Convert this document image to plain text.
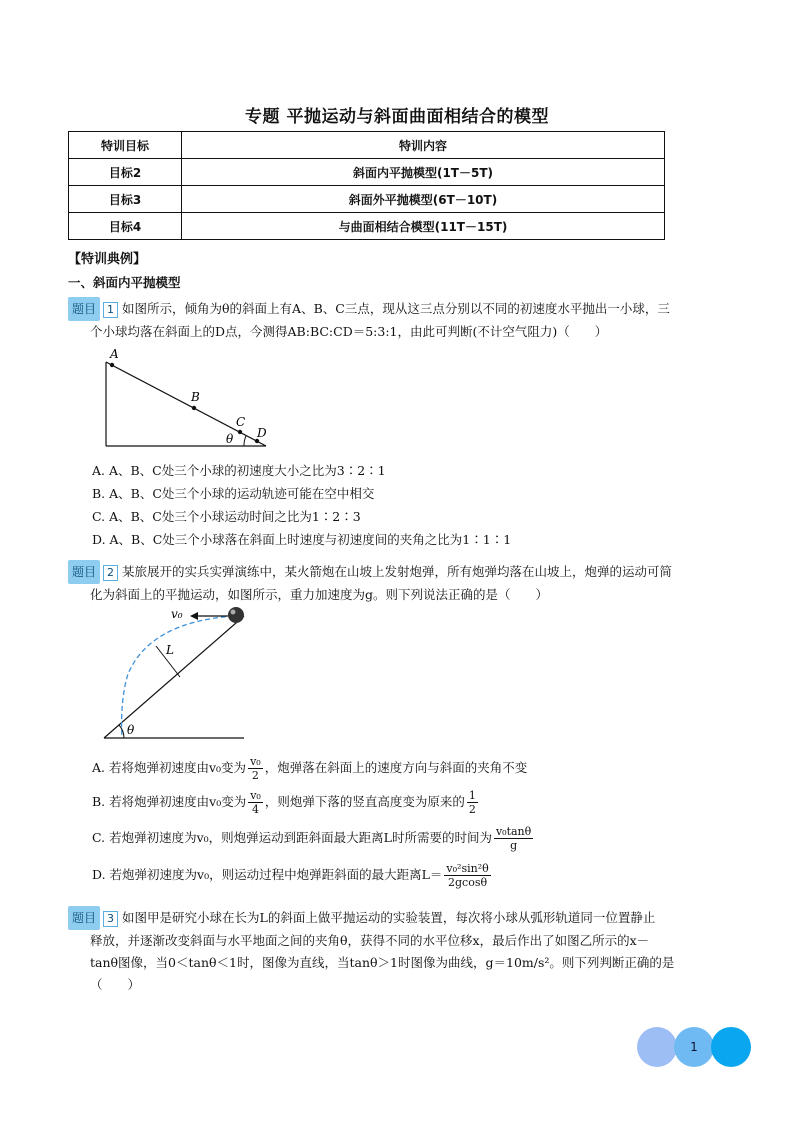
专题 平抛运动与斜面曲面相结合的模型
特训目标	特训内容
目标2	斜面内平抛模型(1T－5T)
目标3	斜面外平抛模型(6T－10T)
目标4	与曲面相结合模型(11T－15T)
【特训典例】
一、斜面内平抛模型
题目 1 如图所示，倾角为θ的斜面上有A、B、C三点，现从这三点分别以不同的初速度水平抛出一小球，三
个小球均落在斜面上的D点，今测得AB:BC:CD＝5:3:1，由此可判断(不计空气阻力)（　　）
A
B
C
D
θ
A. A、B、C处三个小球的初速度大小之比为3∶2∶1
B. A、B、C处三个小球的运动轨迹可能在空中相交
C. A、B、C处三个小球运动时间之比为1∶2∶3
D. A、B、C处三个小球落在斜面上时速度与初速度间的夹角之比为1∶1∶1
题目 2 某旅展开的实兵实弹演练中，某火箭炮在山坡上发射炮弹，所有炮弹均落在山坡上，炮弹的运动可简
化为斜面上的平抛运动，如图所示，重力加速度为g。则下列说法正确的是（　　）
v₀
L
θ
A. 若将炮弹初速度由v₀变为 $\frac{\text{v₀}}{2}$ ，炮弹落在斜面上的速度方向与斜面的夹角不变
B. 若将炮弹初速度由v₀变为 $\frac{\text{v₀}}{4}$ ，则炮弹下落的竖直高度变为原来的 $\frac{1}{2}$
C. 若炮弹初速度为v₀，则炮弹运动到距斜面最大距离L时所需要的时间为 $\frac{\text{v₀tanθ}}{g}$
D. 若炮弹初速度为v₀，则运动过程中炮弹距斜面的最大距离$L= \frac{\text{v₀²sin²θ}}{2gcos\theta}$
题目 3 如图甲是研究小球在长为L的斜面上做平抛运动的实验装置，每次将小球从弧形轨道同一位置静止
释放，并逐渐改变斜面与水平地面之间的夹角θ，获得不同的水平位移x，最后作出了如图乙所示的x－
tanθ图像，当0＜tanθ＜1时，图像为直线，当tanθ＞1时图像为曲线，g＝10m/s²。则下列判断正确的是
（　　）
1
